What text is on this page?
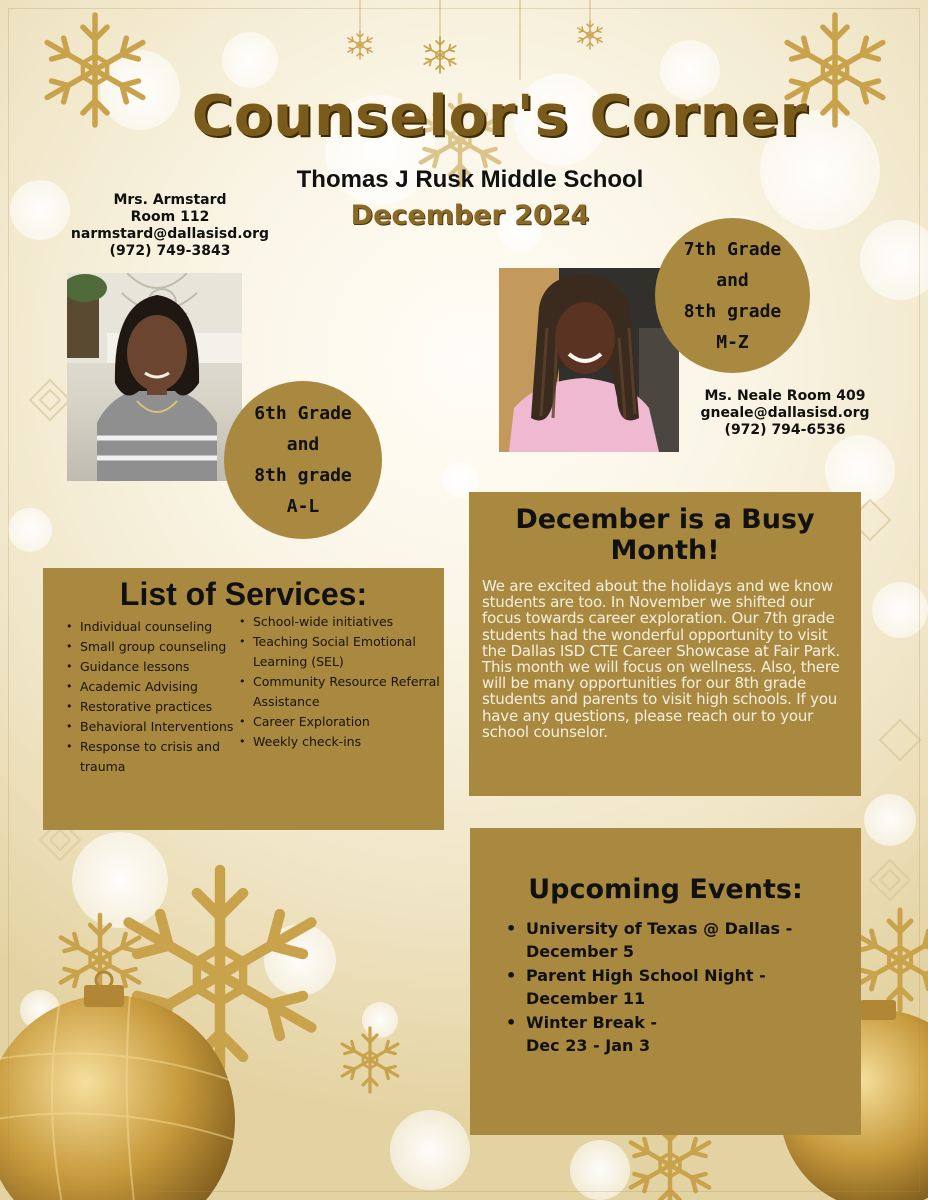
Counselor's Corner
Thomas J Rusk Middle School
December 2024
Mrs. Armstard
Room 112
narmstard@dallasisd.org
(972) 749-3843
6th Grade
and
8th grade
A-L
7th Grade
and
8th grade
M-Z
Ms. Neale Room 409
gneale@dallasisd.org
(972) 794-6536
List of Services:
• Individual counseling
• Small group counseling
• Guidance lessons
• Academic Advising
• Restorative practices
• Behavioral Interventions
• Response to crisis and trauma
• School-wide initiatives
• Teaching Social Emotional Learning (SEL)
• Community Resource Referral Assistance
• Career Exploration
• Weekly check-ins
December is a Busy Month!
We are excited about the holidays and we know students are too. In November we shifted our focus towards career exploration. Our 7th grade students had the wonderful opportunity to visit the Dallas ISD CTE Career Showcase at Fair Park. This month we will focus on wellness. Also, there will be many opportunities for our 8th grade students and parents to visit high schools. If you have any questions, please reach our to your school counselor.
Upcoming Events:
• University of Texas @ Dallas -
December 5
• Parent High School Night -
December 11
• Winter Break -
Dec 23 - Jan 3
